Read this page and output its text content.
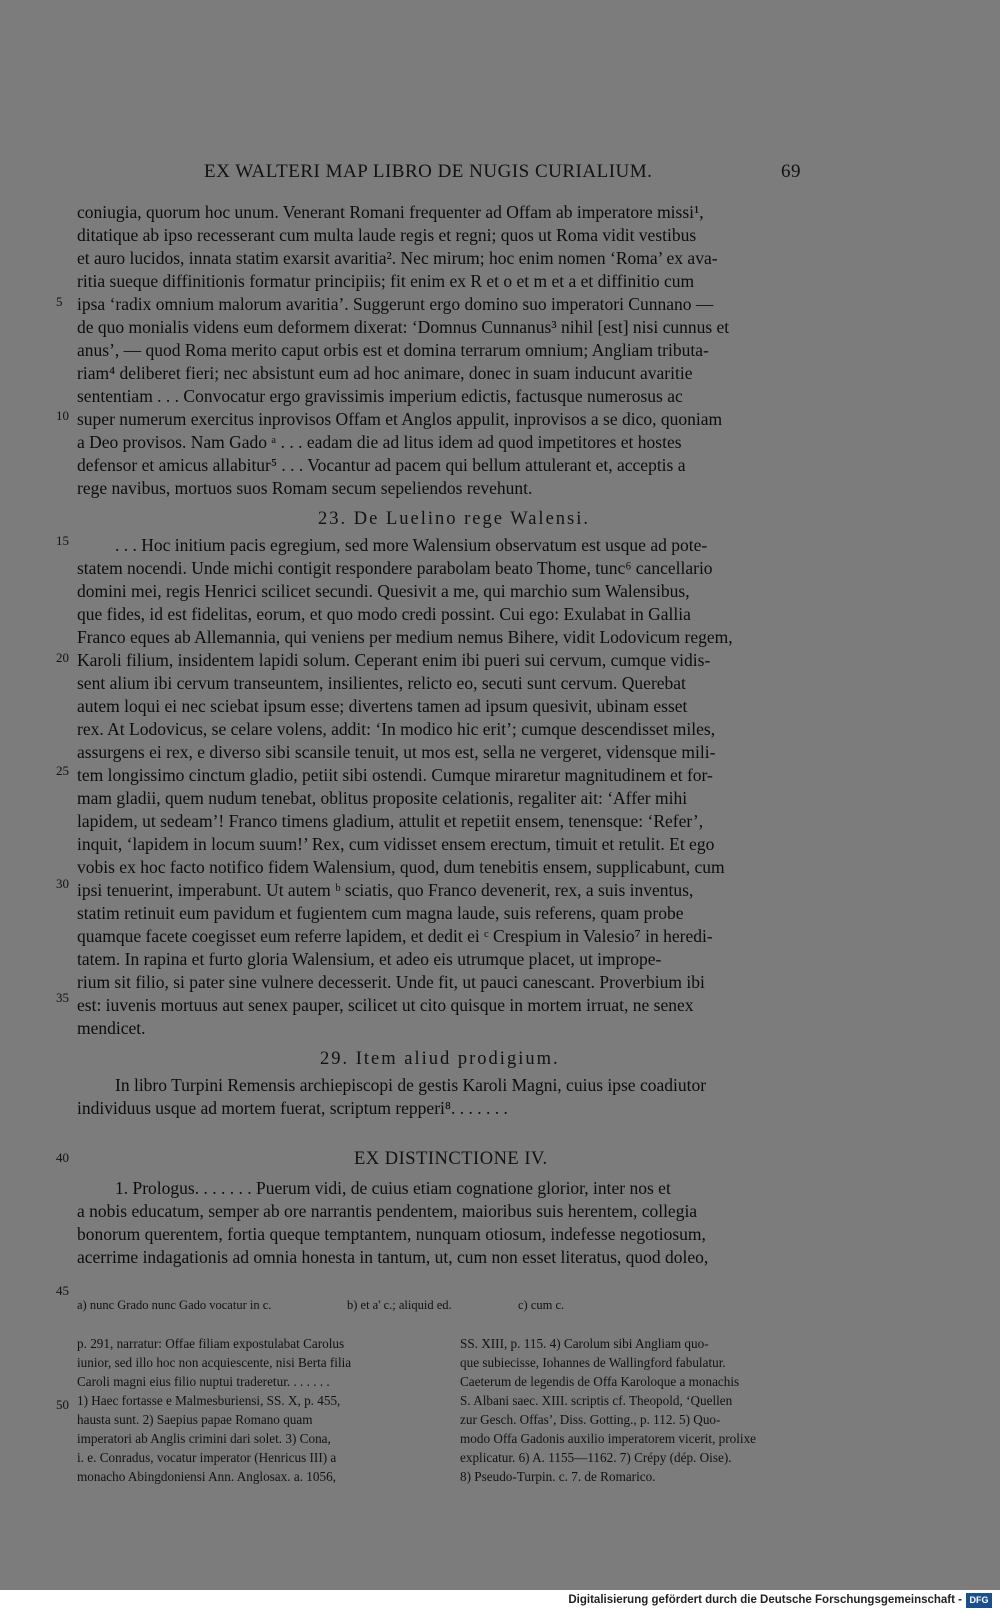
EX WALTERI MAP LIBRO DE NUGIS CURIALIUM.	69
5
10
15
20
25
30
35
40
45
50
coniugia, quorum hoc unum. Venerant Romani frequenter ad Offam ab imperatore missi¹,
ditatique ab ipso recesserant cum multa laude regis et regni; quos ut Roma vidit vestibus
et auro lucidos, innata statim exarsit avaritia². Nec mirum; hoc enim nomen ‘Roma’ ex ava-
ritia sueque diffinitionis formatur principiis; fit enim ex R et o et m et a et diffinitio cum
ipsa ‘radix omnium malorum avaritia’. Suggerunt ergo domino suo imperatori Cunnano —
de quo monialis videns eum deformem dixerat: ‘Domnus Cunnanus³ nihil [est] nisi cunnus et
anus’, — quod Roma merito caput orbis est et domina terrarum omnium; Angliam tributa-
riam⁴ deliberet fieri; nec absistunt eum ad hoc animare, donec in suam inducunt avaritie
sententiam . . . Convocatur ergo gravissimis imperium edictis, factusque numerosus ac
super numerum exercitus inprovisos Offam et Anglos appulit, inprovisos a se dico, quoniam
a Deo provisos. Nam Gado ᵃ . . . eadam die ad litus idem ad quod impetitores et hostes
defensor et amicus allabitur⁵ . . . Vocantur ad pacem qui bellum attulerant et, acceptis a
rege navibus, mortuos suos Romam secum sepeliendos revehunt.
23. De Luelino rege Walensi.
. . . Hoc initium pacis egregium, sed more Walensium observatum est usque ad pote-
statem nocendi. Unde michi contigit respondere parabolam beato Thome, tunc⁶ cancellario
domini mei, regis Henrici scilicet secundi. Quesivit a me, qui marchio sum Walensibus,
que fides, id est fidelitas, eorum, et quo modo credi possint. Cui ego: Exulabat in Gallia
Franco eques ab Allemannia, qui veniens per medium nemus Bihere, vidit Lodovicum regem,
Karoli filium, insidentem lapidi solum. Ceperant enim ibi pueri sui cervum, cumque vidis-
sent alium ibi cervum transeuntem, insilientes, relicto eo, secuti sunt cervum. Querebat
autem loqui ei nec sciebat ipsum esse; divertens tamen ad ipsum quesivit, ubinam esset
rex. At Lodovicus, se celare volens, addit: ‘In modico hic erit’; cumque descendisset miles,
assurgens ei rex, e diverso sibi scansile tenuit, ut mos est, sella ne vergeret, vidensque mili-
tem longissimo cinctum gladio, petiit sibi ostendi. Cumque miraretur magnitudinem et for-
mam gladii, quem nudum tenebat, oblitus proposite celationis, regaliter ait: ‘Affer mihi
lapidem, ut sedeam’! Franco timens gladium, attulit et repetiit ensem, tenensque: ‘Refer’,
inquit, ‘lapidem in locum suum!’ Rex, cum vidisset ensem erectum, timuit et retulit. Et ego
vobis ex hoc facto notifico fidem Walensium, quod, dum tenebitis ensem, supplicabunt, cum
ipsi tenuerint, imperabunt. Ut autem ᵇ sciatis, quo Franco devenerit, rex, a suis inventus,
statim retinuit eum pavidum et fugientem cum magna laude, suis referens, quam probe
quamque facete coegisset eum referre lapidem, et dedit ei ᶜ Crespium in Valesio⁷ in heredi-
tatem. In rapina et furto gloria Walensium, et adeo eis utrumque placet, ut imprope-
rium sit filio, si pater sine vulnere decesserit. Unde fit, ut pauci canescant. Proverbium ibi
est: iuvenis mortuus aut senex pauper, scilicet ut cito quisque in mortem irruat, ne senex
mendicet.
29. Item aliud prodigium.
In libro Turpini Remensis archiepiscopi de gestis Karoli Magni, cuius ipse coadiutor
individuus usque ad mortem fuerat, scriptum repperi⁸. . . . . . .
EX DISTINCTIONE IV.
1. Prologus. . . . . . . Puerum vidi, de cuius etiam cognatione glorior, inter nos et
a nobis educatum, semper ab ore narrantis pendentem, maioribus suis herentem, collegia
bonorum querentem, fortia queque temptantem, nunquam otiosum, indefesse negotiosum,
acerrime indagationis ad omnia honesta in tantum, ut, cum non esset literatus, quod doleo,
a) nunc Grado nunc Gado vocatur in c.	b) et a' c.; aliquid ed.	c) cum c.
p. 291, narratur: Offae filiam expostulabat Carolus
iunior, sed illo hoc non acquiescente, nisi Berta filia
Caroli magni eius filio nuptui traderetur. . . . . . .
1) Haec fortasse e Malmesburiensi, SS. X, p. 455,
hausta sunt. 2) Saepius papae Romano quam
imperatori ab Anglis crimini dari solet. 3) Cona,
i. e. Conradus, vocatur imperator (Henricus III) a
monacho Abingdoniensi Ann. Anglosax. a. 1056,
SS. XIII, p. 115. 4) Carolum sibi Angliam quo-
que subiecisse, Iohannes de Wallingford fabulatur.
Caeterum de legendis de Offa Karoloque a monachis
S. Albani saec. XIII. scriptis cf. Theopold, ‘Quellen
zur Gesch. Offas’, Diss. Gotting., p. 112. 5) Quo-
modo Offa Gadonis auxilio imperatorem vicerit, prolixe
explicatur. 6) A. 1155—1162. 7) Crépy (dép. Oise).
8) Pseudo-Turpin. c. 7. de Romarico.
Digitalisierung gefördert durch die Deutsche Forschungsgemeinschaft - DFG
